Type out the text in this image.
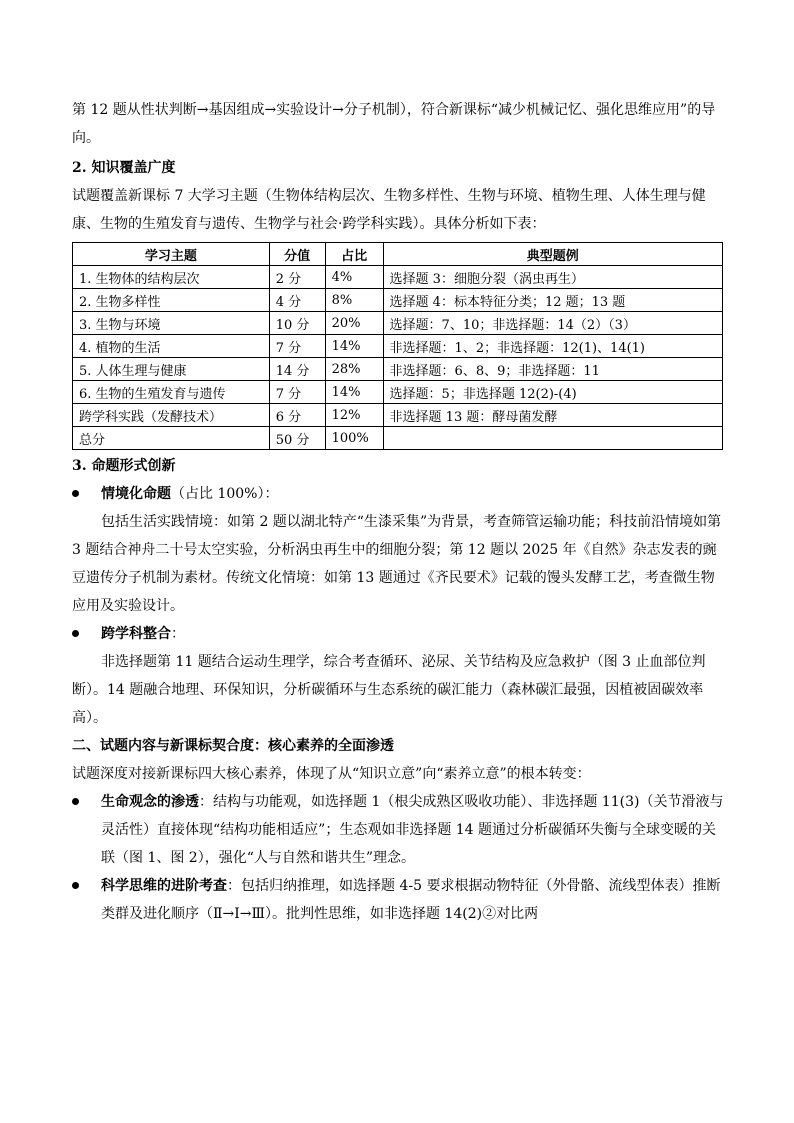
第 12 题从性状判断→基因组成→实验设计→分子机制），符合新课标“减少机械记忆、强化思维应用”的导向。

2. 知识覆盖广度

试题覆盖新课标 7 大学习主题（生物体结构层次、生物多样性、生物与环境、植物生理、人体生理与健康、生物的生殖发育与遗传、生物学与社会·跨学科实践）。具体分析如下表：

学习主题	分值	占比	典型题例
1. 生物体的结构层次	2 分	4%	选择题 3：细胞分裂（涡虫再生）
2. 生物多样性	4 分	8%	选择题 4：标本特征分类；12 题；13 题
3. 生物与环境	10 分	20%	选择题：7、10；非选择题：14（2）（3）
4. 植物的生活	7 分	14%	非选择题：1、2；非选择题：12(1)、14(1)
5. 人体生理与健康	14 分	28%	非选择题：6、8、9；非选择题：11
6. 生物的生殖发育与遗传	7 分	14%	选择题：5；非选择题 12(2)-(4)
跨学科实践（发酵技术）	6 分	12%	非选择题 13 题：酵母菌发酵
总分	50 分	100%	

3. 命题形式创新

情境化命题（占比 100%）：

包括生活实践情境：如第 2 题以湖北特产“生漆采集”为背景，考查筛管运输功能；科技前沿情境如第 3 题结合神舟二十号太空实验，分析涡虫再生中的细胞分裂；第 12 题以 2025 年《自然》杂志发表的豌豆遗传分子机制为素材。传统文化情境：如第 13 题通过《齐民要术》记载的馒头发酵工艺，考查微生物应用及实验设计。

跨学科整合：

非选择题第 11 题结合运动生理学，综合考查循环、泌尿、关节结构及应急救护（图 3 止血部位判断）。14 题融合地理、环保知识，分析碳循环与生态系统的碳汇能力（森林碳汇最强，因植被固碳效率高）。

二、试题内容与新课标契合度：核心素养的全面渗透

试题深度对接新课标四大核心素养，体现了从“知识立意”向“素养立意”的根本转变：

生命观念的渗透：结构与功能观，如选择题 1（根尖成熟区吸收功能）、非选择题 11(3)（关节滑液与灵活性）直接体现“结构功能相适应”；生态观如非选择题 14 题通过分析碳循环失衡与全球变暖的关联（图 1、图 2），强化“人与自然和谐共生”理念。
科学思维的进阶考查：包括归纳推理，如选择题 4-5 要求根据动物特征（外骨骼、流线型体表）推断类群及进化顺序（Ⅱ→Ⅰ→Ⅲ）。批判性思维，如非选择题 14(2)②对比两
